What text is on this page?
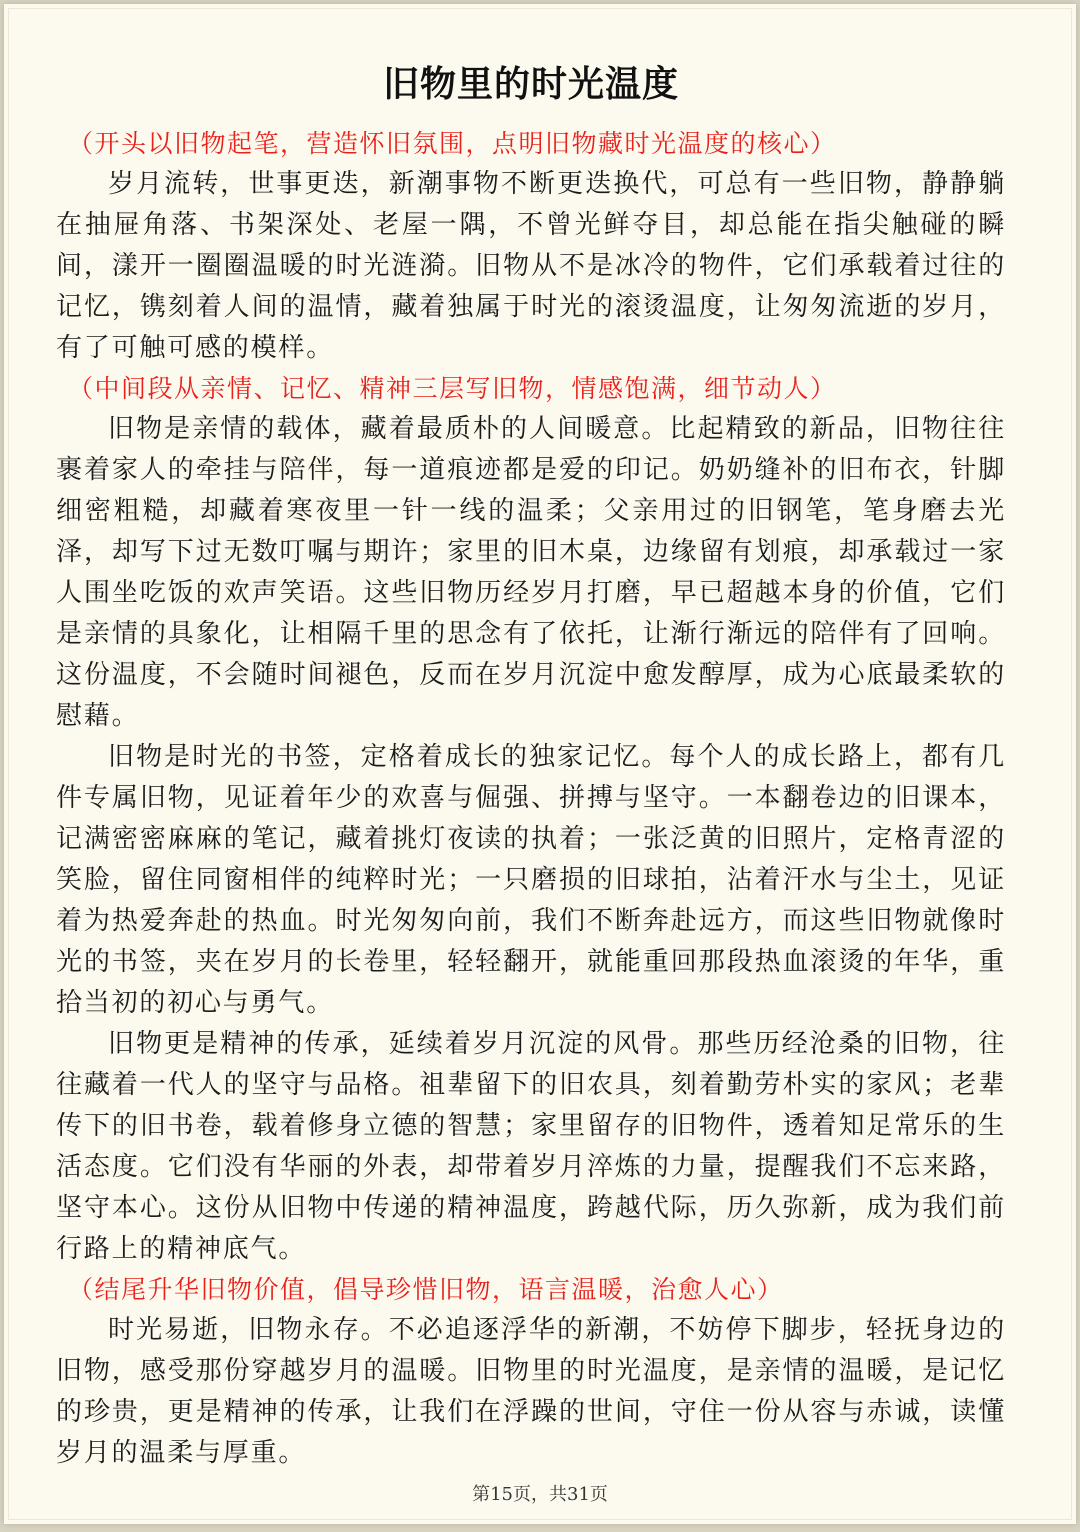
旧物里的时光温度

（开头以旧物起笔，营造怀旧氛围，点明旧物藏时光温度的核心）

岁月流转，世事更迭，新潮事物不断更迭换代，可总有一些旧物，静静躺在抽屉角落、书架深处、老屋一隅，不曾光鲜夺目，却总能在指尖触碰的瞬间，漾开一圈圈温暖的时光涟漪。旧物从不是冰冷的物件，它们承载着过往的记忆，镌刻着人间的温情，藏着独属于时光的滚烫温度，让匆匆流逝的岁月，有了可触可感的模样。

（中间段从亲情、记忆、精神三层写旧物，情感饱满，细节动人）

旧物是亲情的载体，藏着最质朴的人间暖意。比起精致的新品，旧物往往裹着家人的牵挂与陪伴，每一道痕迹都是爱的印记。奶奶缝补的旧布衣，针脚细密粗糙，却藏着寒夜里一针一线的温柔；父亲用过的旧钢笔，笔身磨去光泽，却写下过无数叮嘱与期许；家里的旧木桌，边缘留有划痕，却承载过一家人围坐吃饭的欢声笑语。这些旧物历经岁月打磨，早已超越本身的价值，它们是亲情的具象化，让相隔千里的思念有了依托，让渐行渐远的陪伴有了回响。这份温度，不会随时间褪色，反而在岁月沉淀中愈发醇厚，成为心底最柔软的慰藉。

旧物是时光的书签，定格着成长的独家记忆。每个人的成长路上，都有几件专属旧物，见证着年少的欢喜与倔强、拼搏与坚守。一本翻卷边的旧课本，记满密密麻麻的笔记，藏着挑灯夜读的执着；一张泛黄的旧照片，定格青涩的笑脸，留住同窗相伴的纯粹时光；一只磨损的旧球拍，沾着汗水与尘土，见证着为热爱奔赴的热血。时光匆匆向前，我们不断奔赴远方，而这些旧物就像时光的书签，夹在岁月的长卷里，轻轻翻开，就能重回那段热血滚烫的年华，重拾当初的初心与勇气。

旧物更是精神的传承，延续着岁月沉淀的风骨。那些历经沧桑的旧物，往往藏着一代人的坚守与品格。祖辈留下的旧农具，刻着勤劳朴实的家风；老辈传下的旧书卷，载着修身立德的智慧；家里留存的旧物件，透着知足常乐的生活态度。它们没有华丽的外表，却带着岁月淬炼的力量，提醒我们不忘来路，坚守本心。这份从旧物中传递的精神温度，跨越代际，历久弥新，成为我们前行路上的精神底气。

（结尾升华旧物价值，倡导珍惜旧物，语言温暖，治愈人心）

时光易逝，旧物永存。不必追逐浮华的新潮，不妨停下脚步，轻抚身边的旧物，感受那份穿越岁月的温暖。旧物里的时光温度，是亲情的温暖，是记忆的珍贵，更是精神的传承，让我们在浮躁的世间，守住一份从容与赤诚，读懂岁月的温柔与厚重。

第15页，共31页
